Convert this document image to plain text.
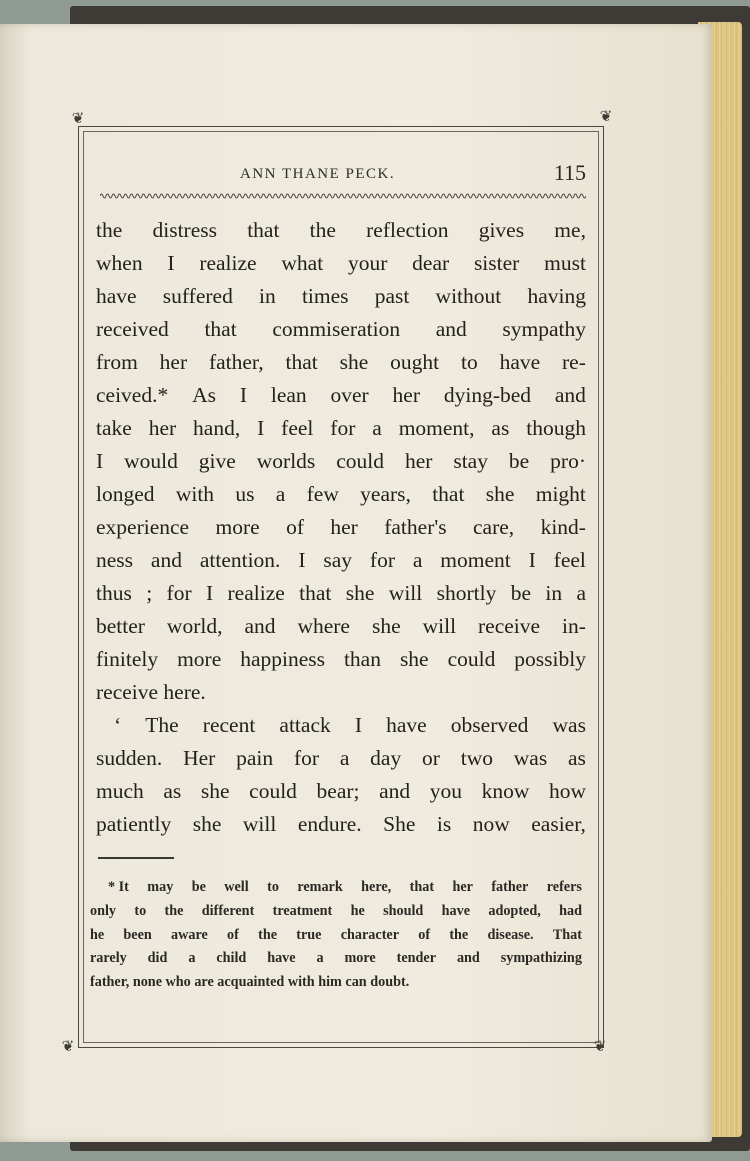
❦	❦
❦	❦
ANN THANE PECK.	115
the distress that the reflection gives me,
when I realize what your dear sister must
have suffered in times past without having
received that commiseration and sympathy
from her father, that she ought to have re-
ceived.* As I lean over her dying-bed and
take her hand, I feel for a moment, as though
I would give worlds could her stay be pro·
longed with us a few years, that she might
experience more of her father's care, kind-
ness and attention. I say for a moment I feel
thus ; for I realize that she will shortly be in a
better world, and where she will receive in-
finitely more happiness than she could possibly
receive here.
‘ The recent attack I have observed was
sudden. Her pain for a day or two was as
much as she could bear; and you know how
patiently she will endure. She is now easier,
* It may be well to remark here, that her father refers
only to the different treatment he should have adopted, had
he been aware of the true character of the disease. That
rarely did a child have a more tender and sympathizing
father, none who are acquainted with him can doubt.
